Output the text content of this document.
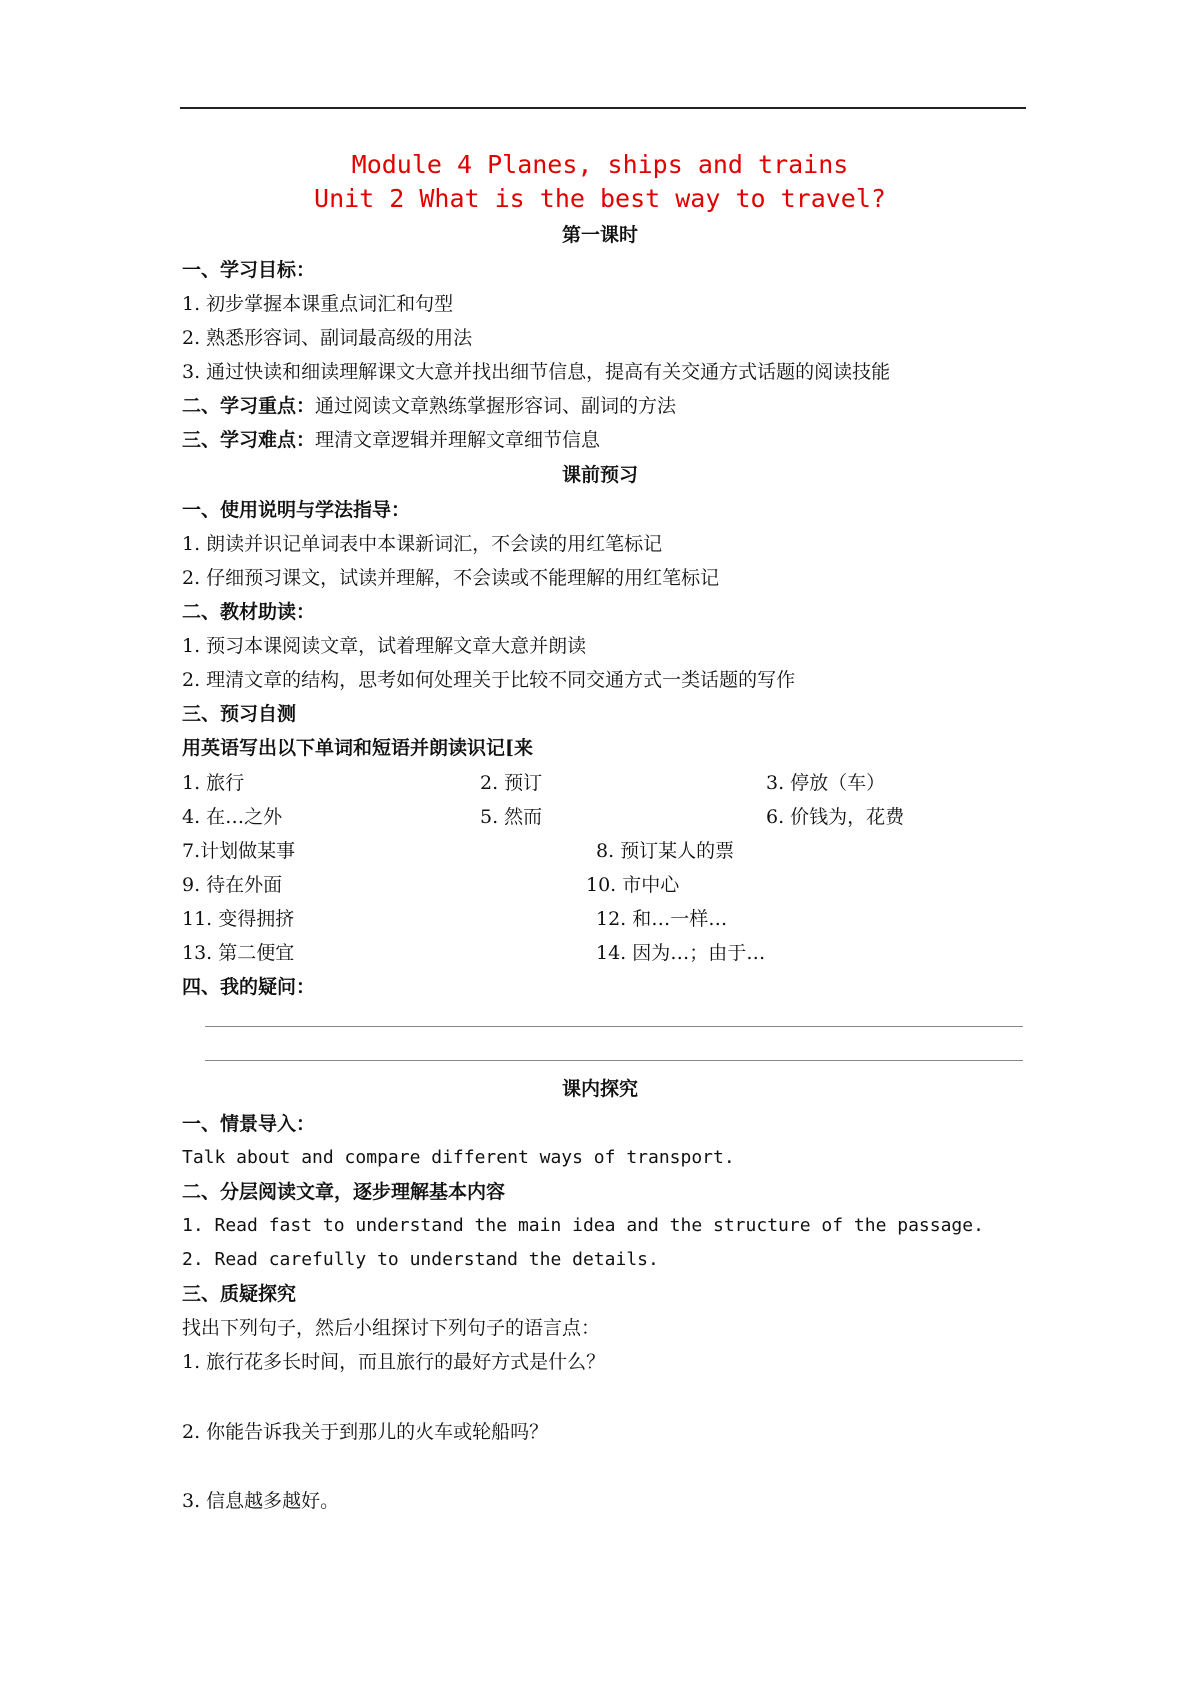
Module 4 Planes, ships and trains
Unit 2 What is the best way to travel?
第一课时
一、学习目标：
1. 初步掌握本课重点词汇和句型
2. 熟悉形容词、副词最高级的用法
3. 通过快读和细读理解课文大意并找出细节信息，提高有关交通方式话题的阅读技能
二、学习重点：通过阅读文章熟练掌握形容词、副词的方法
三、学习难点：理清文章逻辑并理解文章细节信息
课前预习
一、使用说明与学法指导：
1. 朗读并识记单词表中本课新词汇，不会读的用红笔标记
2. 仔细预习课文，试读并理解，不会读或不能理解的用红笔标记
二、教材助读：
1. 预习本课阅读文章，试着理解文章大意并朗读
2. 理清文章的结构，思考如何处理关于比较不同交通方式一类话题的写作
三、预习自测
用英语写出以下单词和短语并朗读识记[来
1. 旅行	2. 预订	3. 停放（车）
4. 在…之外	5. 然而	6. 价钱为，花费
7.计划做某事	8. 预订某人的票
9. 待在外面	10. 市中心
11. 变得拥挤	12. 和…一样…
13. 第二便宜	14. 因为…；由于…
四、我的疑问：
课内探究
一、情景导入：
Talk about and compare different ways of transport.
二、分层阅读文章，逐步理解基本内容
1. Read fast to understand the main idea and the structure of the passage.
2. Read carefully to understand the details.
三、质疑探究
找出下列句子，然后小组探讨下列句子的语言点：
1. 旅行花多长时间，而且旅行的最好方式是什么？
2. 你能告诉我关于到那儿的火车或轮船吗？
3. 信息越多越好。
